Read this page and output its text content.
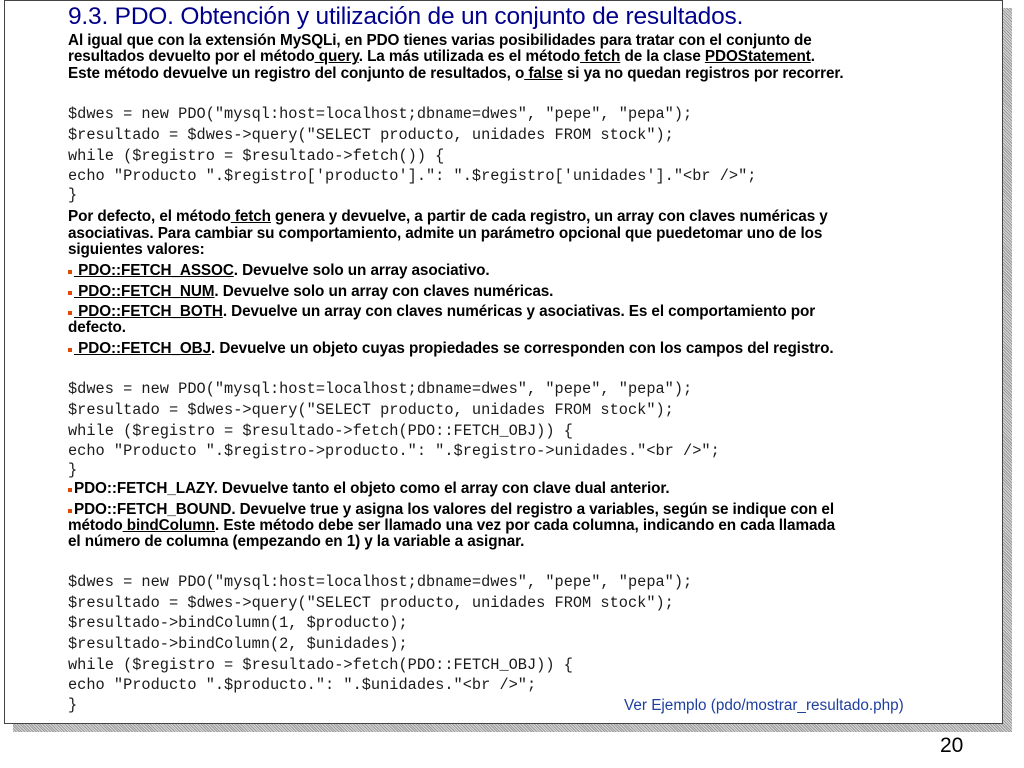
9.3. PDO. Obtención y utilización de un conjunto de resultados.
Al igual que con la extensión MySQLi, en PDO tienes varias posibilidades para tratar con el conjunto de
resultados devuelto por el método query. La más utilizada es el método fetch de la clase PDOStatement.
Este método devuelve un registro del conjunto de resultados, o false si ya no quedan registros por recorrer.
$dwes = new PDO("mysql:host=localhost;dbname=dwes", "pepe", "pepa");
$resultado = $dwes->query("SELECT producto, unidades FROM stock");
while ($registro = $resultado->fetch()) {
echo "Producto ".$registro['producto'].": ".$registro['unidades']."<br />";
}
Por defecto, el método fetch genera y devuelve, a partir de cada registro, un array con claves numéricas y
asociativas. Para cambiar su comportamiento, admite un parámetro opcional que puedetomar uno de los
siguientes valores:
PDO::FETCH_ASSOC. Devuelve solo un array asociativo.
PDO::FETCH_NUM. Devuelve solo un array con claves numéricas.
PDO::FETCH_BOTH. Devuelve un array con claves numéricas y asociativas. Es el comportamiento por
defecto.
PDO::FETCH_OBJ. Devuelve un objeto cuyas propiedades se corresponden con los campos del registro.
$dwes = new PDO("mysql:host=localhost;dbname=dwes", "pepe", "pepa");
$resultado = $dwes->query("SELECT producto, unidades FROM stock");
while ($registro = $resultado->fetch(PDO::FETCH_OBJ)) {
echo "Producto ".$registro->producto.": ".$registro->unidades."<br />";
}
PDO::FETCH_LAZY. Devuelve tanto el objeto como el array con clave dual anterior.
PDO::FETCH_BOUND. Devuelve true y asigna los valores del registro a variables, según se indique con el
método bindColumn. Este método debe ser llamado una vez por cada columna, indicando en cada llamada
el número de columna (empezando en 1) y la variable a asignar.
$dwes = new PDO("mysql:host=localhost;dbname=dwes", "pepe", "pepa");
$resultado = $dwes->query("SELECT producto, unidades FROM stock");
$resultado->bindColumn(1, $producto);
$resultado->bindColumn(2, $unidades);
while ($registro = $resultado->fetch(PDO::FETCH_OBJ)) {
echo "Producto ".$producto.": ".$unidades."<br />";
}	Ver Ejemplo (pdo/mostrar_resultado.php)
20
